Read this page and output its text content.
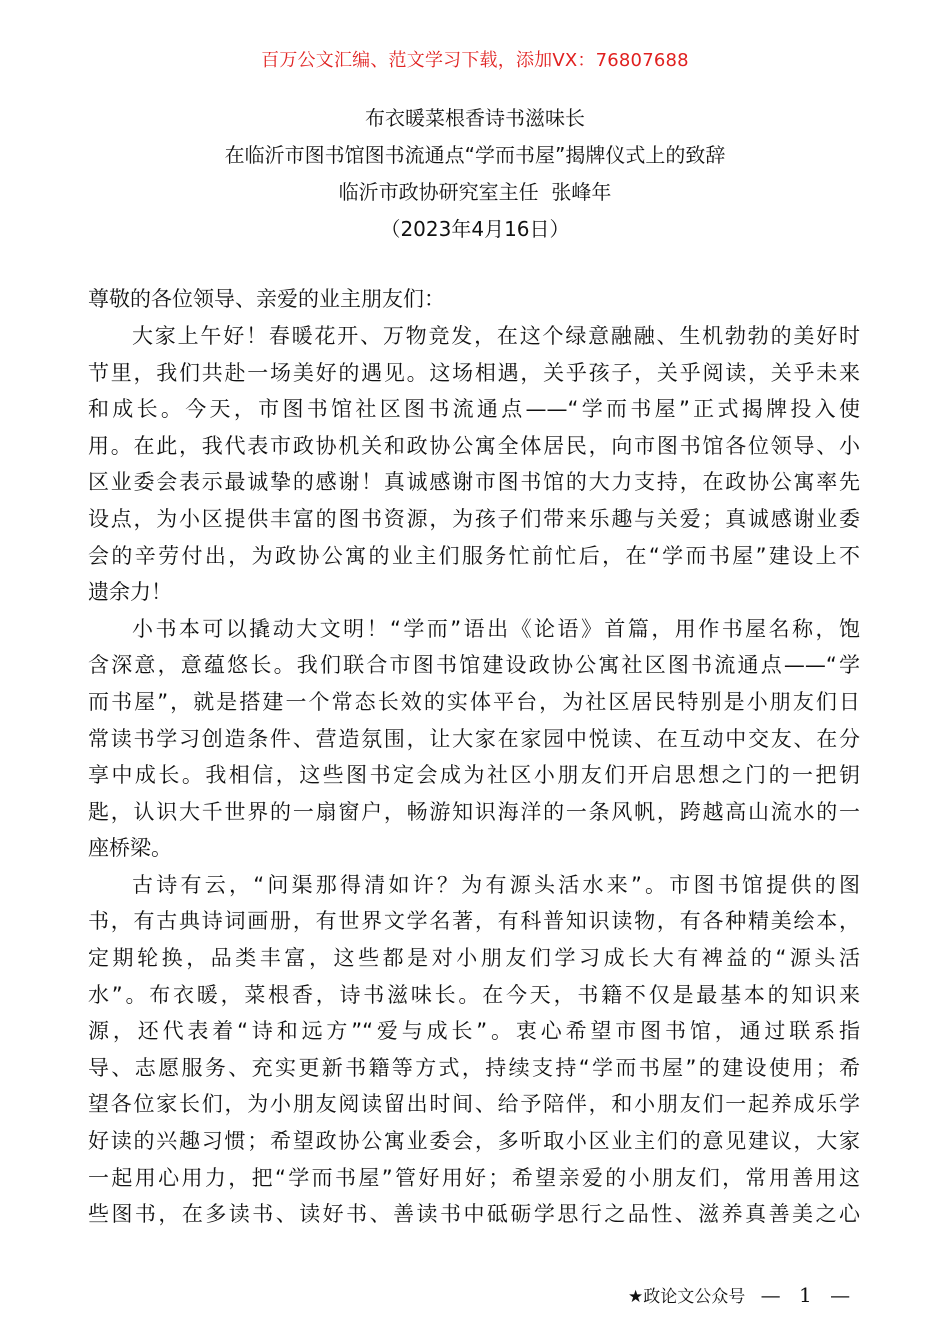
百万公文汇编、范文学习下载，添加VX：76807688
布衣暖菜根香诗书滋味长
在临沂市图书馆图书流通点“学而书屋”揭牌仪式上的致辞
临沂市政协研究室主任  张峰年
（2023年4月16日）
尊敬的各位领导、亲爱的业主朋友们：
大家上午好！春暖花开、万物竞发，在这个绿意融融、生机勃勃的美好时
节里，我们共赴一场美好的遇见。这场相遇，关乎孩子，关乎阅读，关乎未来
和成长。今天，市图书馆社区图书流通点——“学而书屋”正式揭牌投入使
用。在此，我代表市政协机关和政协公寓全体居民，向市图书馆各位领导、小
区业委会表示最诚挚的感谢！真诚感谢市图书馆的大力支持，在政协公寓率先
设点，为小区提供丰富的图书资源，为孩子们带来乐趣与关爱；真诚感谢业委
会的辛劳付出，为政协公寓的业主们服务忙前忙后，在“学而书屋”建设上不
遗余力！
小书本可以撬动大文明！“学而”语出《论语》首篇，用作书屋名称，饱
含深意，意蕴悠长。我们联合市图书馆建设政协公寓社区图书流通点——“学
而书屋”，就是搭建一个常态长效的实体平台，为社区居民特别是小朋友们日
常读书学习创造条件、营造氛围，让大家在家园中悦读、在互动中交友、在分
享中成长。我相信，这些图书定会成为社区小朋友们开启思想之门的一把钥
匙，认识大千世界的一扇窗户，畅游知识海洋的一条风帆，跨越高山流水的一
座桥梁。
古诗有云，“问渠那得清如许？为有源头活水来”。市图书馆提供的图
书，有古典诗词画册，有世界文学名著，有科普知识读物，有各种精美绘本，
定期轮换，品类丰富，这些都是对小朋友们学习成长大有裨益的“源头活
水”。布衣暖，菜根香，诗书滋味长。在今天，书籍不仅是最基本的知识来
源，还代表着“诗和远方”“爱与成长”。衷心希望市图书馆，通过联系指
导、志愿服务、充实更新书籍等方式，持续支持“学而书屋”的建设使用；希
望各位家长们，为小朋友阅读留出时间、给予陪伴，和小朋友们一起养成乐学
好读的兴趣习惯；希望政协公寓业委会，多听取小区业主们的意见建议，大家
一起用心用力，把“学而书屋”管好用好；希望亲爱的小朋友们，常用善用这
些图书，在多读书、读好书、善读书中砥砺学思行之品性、滋养真善美之心
★政论文公众号 — 1 —
